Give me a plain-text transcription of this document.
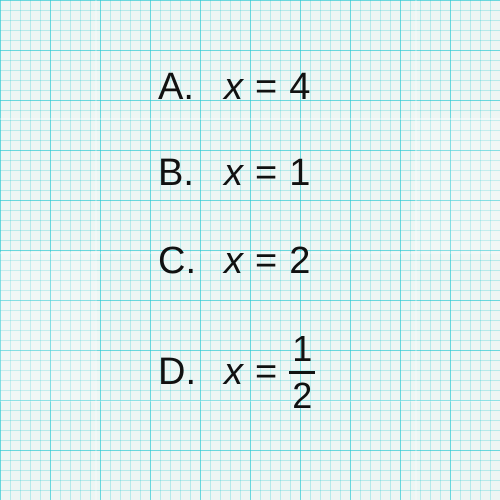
A. x = 4
B. x = 1
C. x = 2
D. $x = \frac{1}{2}$
